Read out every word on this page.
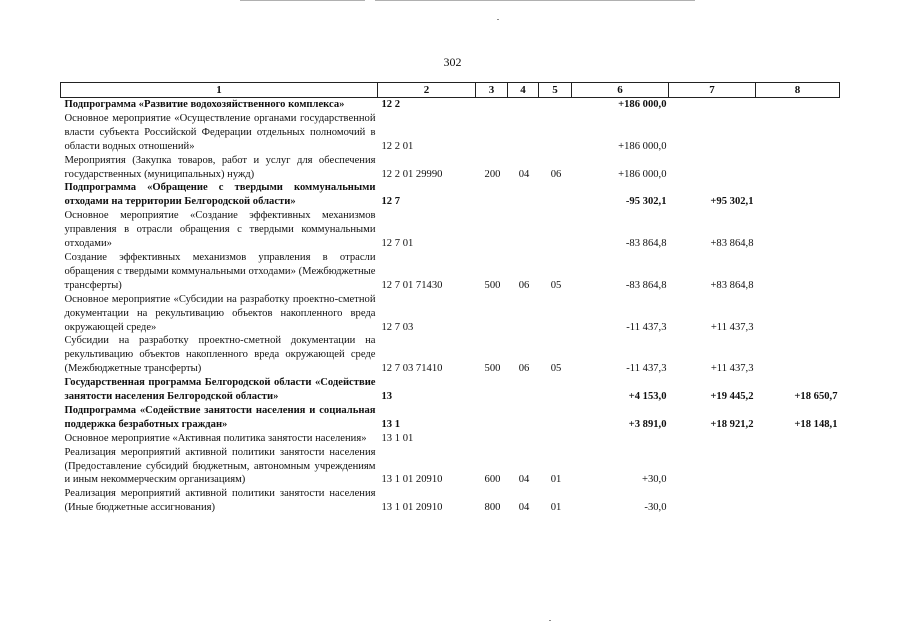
302
1	2	3	4	5	6	7	8
Подпрограмма «Развитие водохозяйственного комплекса»	12 2				+186 000,0		
Основное мероприятие «Осуществление органами государственной власти субъекта Российской Федерации отдельных полномочий в области водных отношений»	12 2 01				+186 000,0		
Мероприятия (Закупка товаров, работ и услуг для обеспечения государственных (муниципальных) нужд)	12 2 01 29990	200	04	06	+186 000,0		
Подпрограмма «Обращение с твердыми коммунальными отходами на территории Белгородской области»	12 7				-95 302,1	+95 302,1	
Основное мероприятие «Создание эффективных механизмов управления в отрасли обращения с твердыми коммунальными отходами»	12 7 01				-83 864,8	+83 864,8	
Создание эффективных механизмов управления в отрасли обращения с твердыми коммунальными отходами» (Межбюджетные трансферты)	12 7 01 71430	500	06	05	-83 864,8	+83 864,8	
Основное мероприятие «Субсидии на разработку проектно-сметной документации на рекультивацию объектов накопленного вреда окружающей среде»	12 7 03				-11 437,3	+11 437,3	
Субсидии на разработку проектно-сметной документации на рекультивацию объектов накопленного вреда окружающей среде (Межбюджетные трансферты)	12 7 03 71410	500	06	05	-11 437,3	+11 437,3	
Государственная программа Белгородской области «Содействие занятости населения Белгородской области»	13				+4 153,0	+19 445,2	+18 650,7
Подпрограмма «Содействие занятости населения и социальная поддержка безработных граждан»	13 1				+3 891,0	+18 921,2	+18 148,1
Основное мероприятие «Активная политика занятости населения»	13 1 01						
Реализация мероприятий активной политики занятости населения (Предоставление субсидий бюджетным, автономным учреждениям и иным некоммерческим организациям)	13 1 01 20910	600	04	01	+30,0		
Реализация мероприятий активной политики занятости населения (Иные бюджетные ассигнования)	13 1 01 20910	800	04	01	-30,0		
